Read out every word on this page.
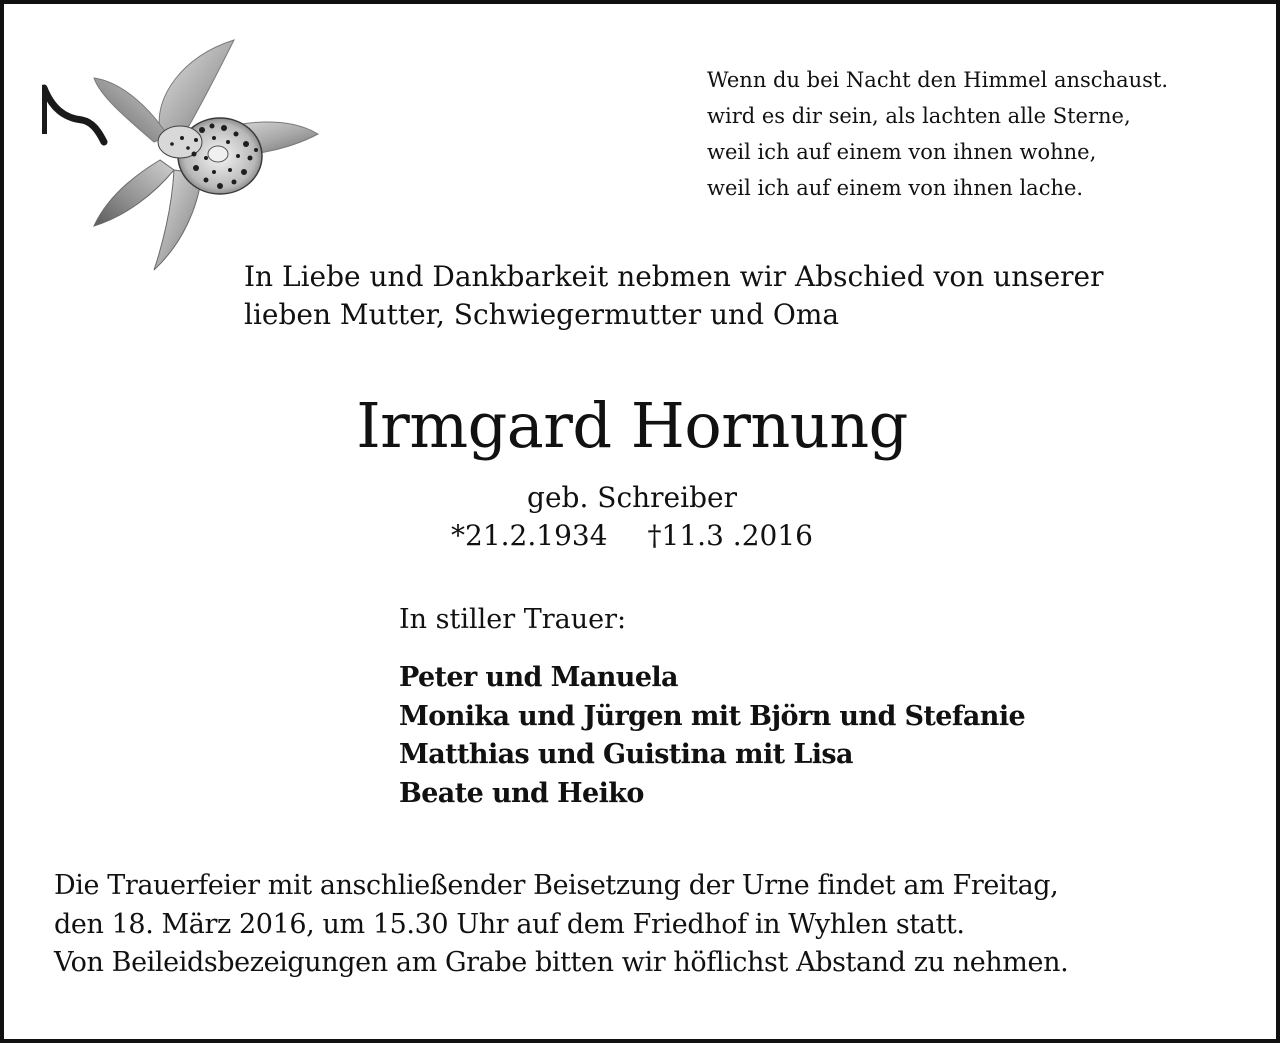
Wenn du bei Nacht den Himmel anschaust.
wird es dir sein, als lachten alle Sterne,
weil ich auf einem von ihnen wohne,
weil ich auf einem von ihnen lache.
In Liebe und Dankbarkeit nebmen wir Abschied von unserer
lieben Mutter, Schwiegermutter und Oma
Irmgard Hornung
geb. Schreiber
*21.2.1934 †11.3 .2016
In stiller Trauer:
Peter und Manuela
Monika und Jürgen mit Björn und Stefanie
Matthias und Guistina mit Lisa
Beate und Heiko
Die Trauerfeier mit anschließender Beisetzung der Urne findet am Freitag,
den 18. März 2016, um 15.30 Uhr auf dem Friedhof in Wyhlen statt.
Von Beileidsbezeigungen am Grabe bitten wir höflichst Abstand zu nehmen.
